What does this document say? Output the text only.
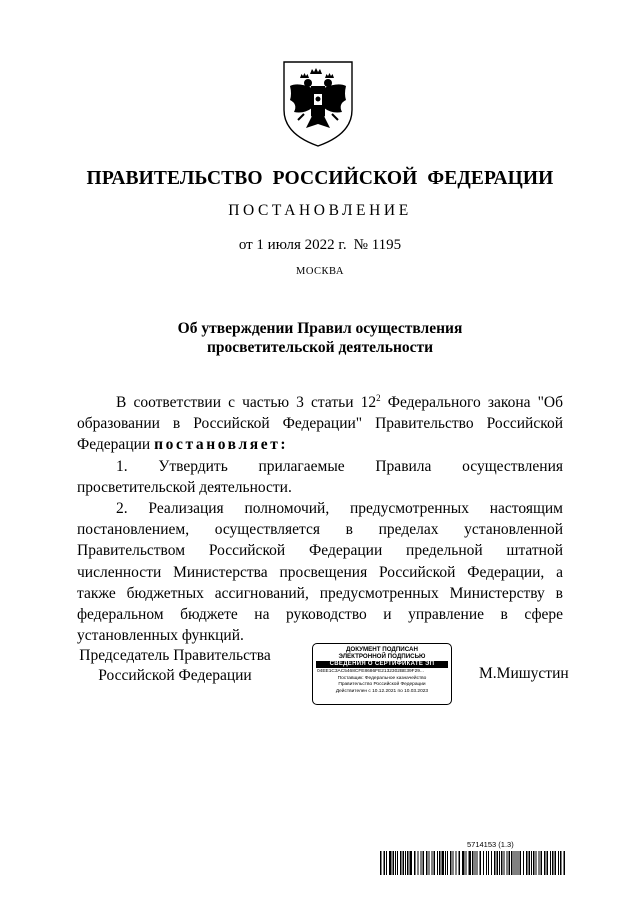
ПРАВИТЕЛЬСТВО РОССИЙСКОЙ ФЕДЕРАЦИИ
ПОСТАНОВЛЕНИЕ
от 1 июля 2022 г. № 1195
МОСКВА
Об утверждении Правил осуществления
просветительской деятельности

В соответствии с частью 3 статьи $12^2$ Федерального закона "Об образовании в Российской Федерации" Правительство Российской Федерации постановляет:

1. Утвердить прилагаемые Правила осуществления просветительской деятельности.

2. Реализация полномочий, предусмотренных настоящим постановлением, осуществляется в пределах установленной Правительством Российской Федерации предельной штатной численности Министерства просвещения Российской Федерации, а также бюджетных ассигнований, предусмотренных Министерству в федеральном бюджете на руководство и управление в сфере установленных функций.

Председатель Правительства
Российской Федерации
ДОКУМЕНТ ПОДПИСАН
ЭЛЕКТРОННОЙ ПОДПИСЬЮ
СВЕДЕНИЯ О СЕРТИФИКАТЕ ЭП
04EE1C3AC5468CFE8686FE2132302BE39F29...
Поставщик: Федеральное казначейство
Правительство Российской Федерации
Действителен с 10.12.2021 по 10.03.2023
М.Мишустин
5714153 (1.3)
